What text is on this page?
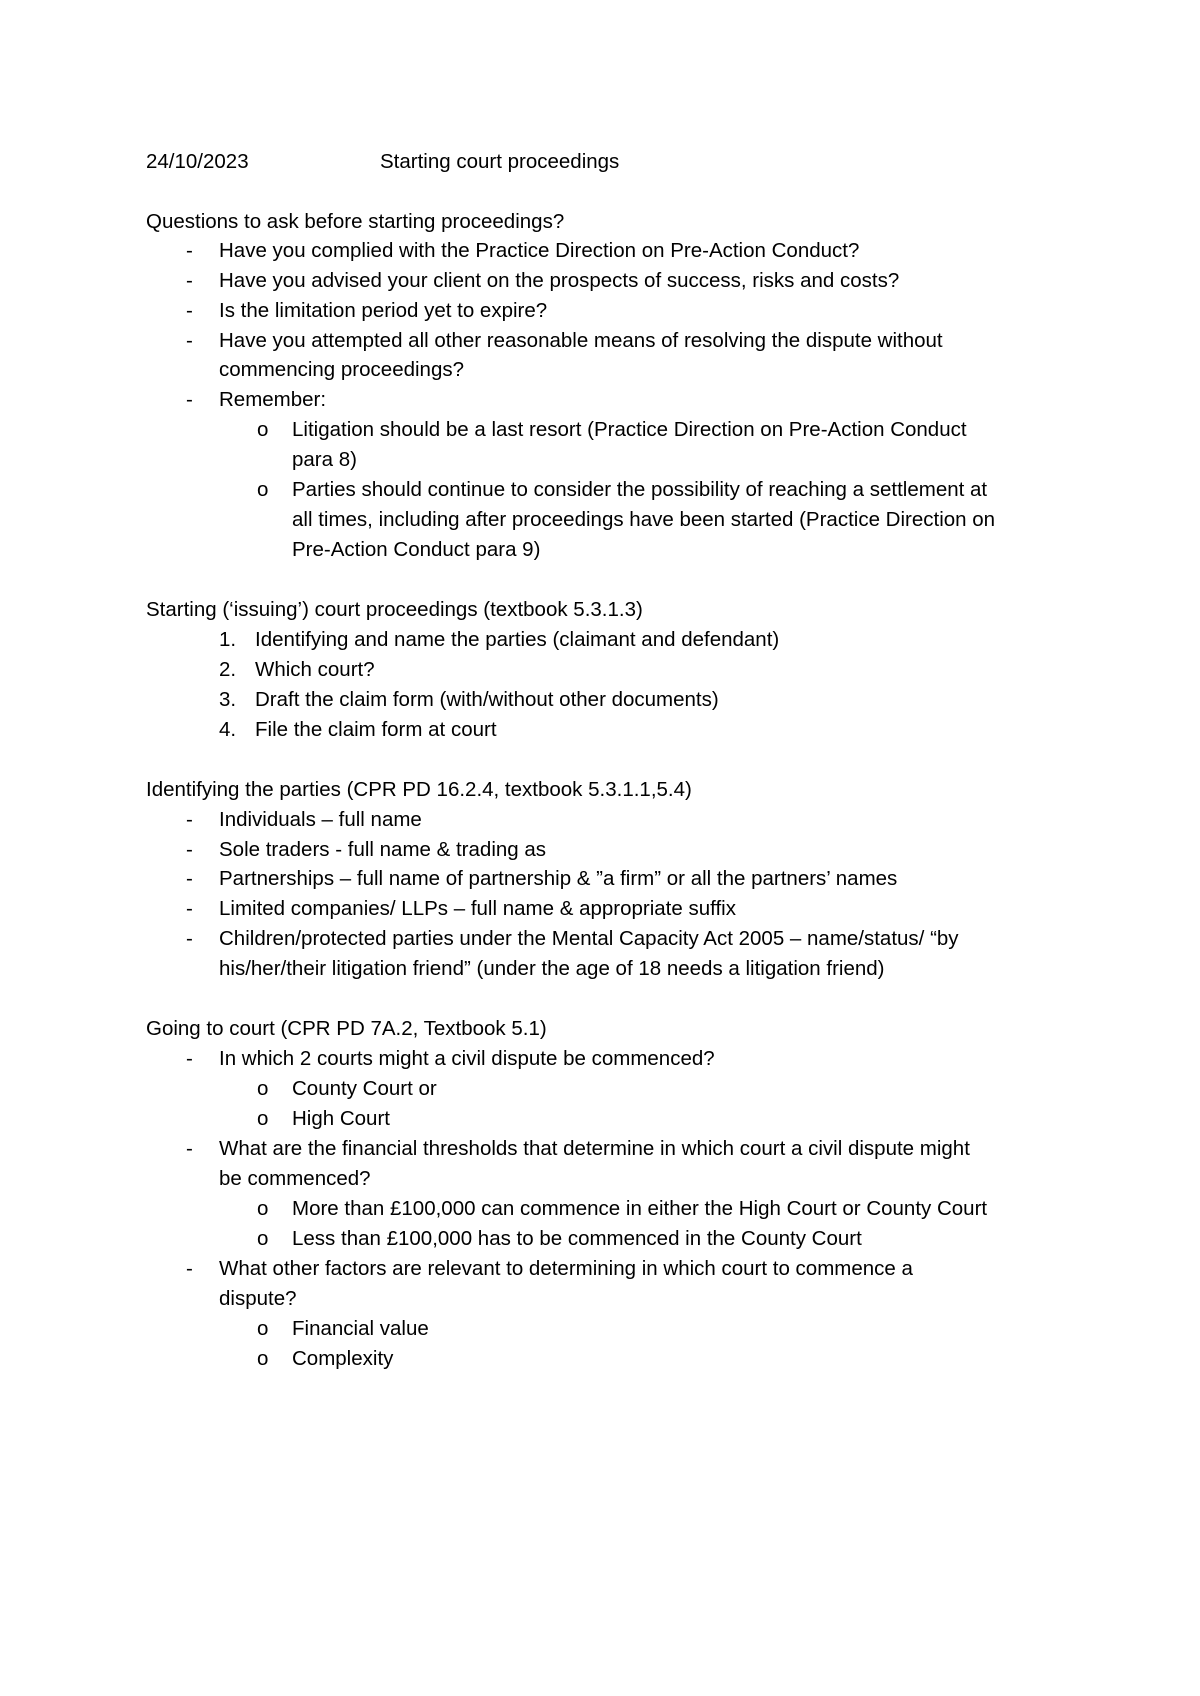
24/10/2023	Starting court proceedings
Questions to ask before starting proceedings?
- Have you complied with the Practice Direction on Pre-Action Conduct?
- Have you advised your client on the prospects of success, risks and costs?
- Is the limitation period yet to expire?
- Have you attempted all other reasonable means of resolving the dispute without
commencing proceedings?
- Remember:
o Litigation should be a last resort (Practice Direction on Pre-Action Conduct
para 8)
o Parties should continue to consider the possibility of reaching a settlement at
all times, including after proceedings have been started (Practice Direction on
Pre-Action Conduct para 9)
Starting (‘issuing’) court proceedings (textbook 5.3.1.3)
1. Identifying and name the parties (claimant and defendant)
2. Which court?
3. Draft the claim form (with/without other documents)
4. File the claim form at court
Identifying the parties (CPR PD 16.2.4, textbook 5.3.1.1,5.4)
- Individuals – full name
- Sole traders - full name & trading as
- Partnerships – full name of partnership & ”a firm” or all the partners’ names
- Limited companies/ LLPs – full name & appropriate suffix
- Children/protected parties under the Mental Capacity Act 2005 – name/status/ “by
his/her/their litigation friend” (under the age of 18 needs a litigation friend)
Going to court (CPR PD 7A.2, Textbook 5.1)
- In which 2 courts might a civil dispute be commenced?
o County Court or
o High Court
- What are the financial thresholds that determine in which court a civil dispute might
be commenced?
o More than £100,000 can commence in either the High Court or County Court
o Less than £100,000 has to be commenced in the County Court
- What other factors are relevant to determining in which court to commence a
dispute?
o Financial value
o Complexity
